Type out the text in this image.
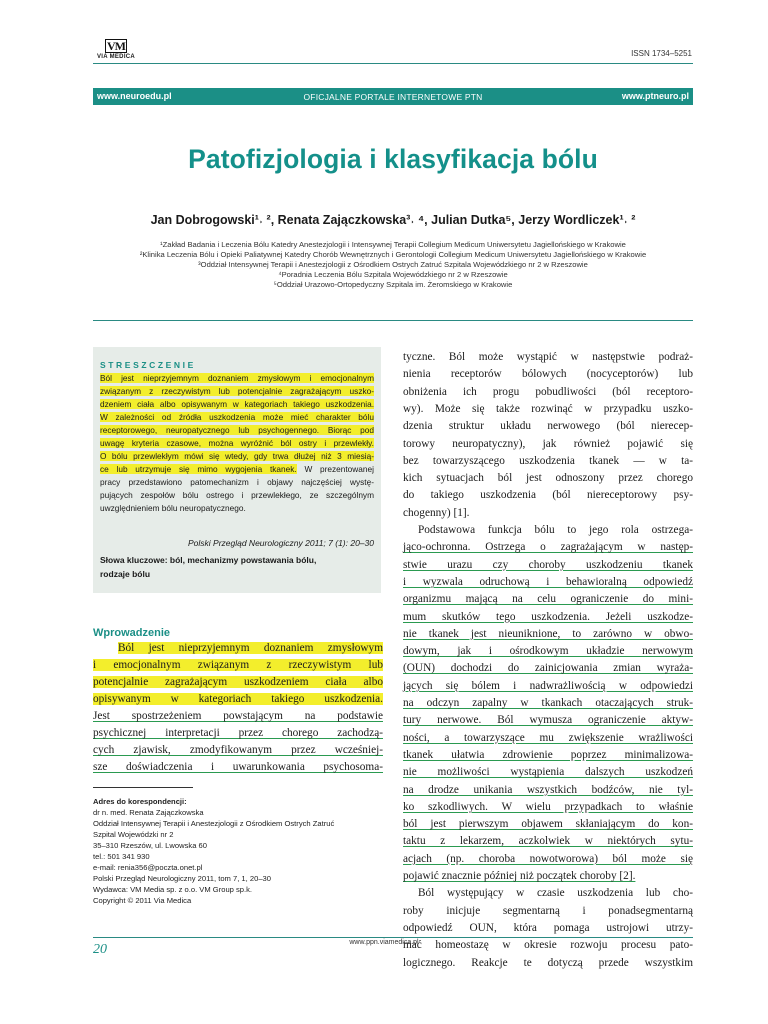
VM
VIA MEDICA	ISSN 1734–5251
www.neuroedu.pl	OFICJALNE PORTALE INTERNETOWE PTN	www.ptneuro.pl
Patofizjologia i klasyfikacja bólu
Jan Dobrogowski¹˒ ², Renata Zajączkowska³˒ ⁴, Julian Dutka⁵, Jerzy Wordliczek¹˒ ²
¹Zakład Badania i Leczenia Bólu Katedry Anestezjologii i Intensywnej Terapii Collegium Medicum Uniwersytetu Jagiellońskiego w Krakowie
²Klinika Leczenia Bólu i Opieki Paliatywnej Katedry Chorób Wewnętrznych i Gerontologii Collegium Medicum Uniwersytetu Jagiellońskiego w Krakowie
³Oddział Intensywnej Terapii i Anestezjologii z Ośrodkiem Ostrych Zatruć Szpitala Wojewódzkiego nr 2 w Rzeszowie
⁴Poradnia Leczenia Bólu Szpitala Wojewódzkiego nr 2 w Rzeszowie
⁵Oddział Urazowo-Ortopedyczny Szpitala im. Żeromskiego w Krakowie
STRESZCZENIE
Ból jest nieprzyjemnym doznaniem zmysłowym i emocjonalnym
związanym z rzeczywistym lub potencjalnie zagrażającym uszko-
dzeniem ciała albo opisywanym w kategoriach takiego uszkodzenia.
W zależności od źródła uszkodzenia może mieć charakter bólu
receptorowego, neuropatycznego lub psychogennego. Biorąc pod
uwagę kryteria czasowe, można wyróżnić ból ostry i przewlekły.
O bólu przewlekłym mówi się wtedy, gdy trwa dłużej niż 3 miesią-
ce lub utrzymuje się mimo wygojenia tkanek. W prezentowanej
pracy przedstawiono patomechanizm i objawy najczęściej wystę-
pujących zespołów bólu ostrego i przewlekłego, ze szczególnym
uwzględnieniem bólu neuropatycznego.
Polski Przegląd Neurologiczny 2011; 7 (1): 20–30
Słowa kluczowe: ból, mechanizmy powstawania bólu,
rodzaje bólu
Wprowadzenie
Ból jest nieprzyjemnym doznaniem zmysłowym
i emocjonalnym związanym z rzeczywistym lub
potencjalnie zagrażającym uszkodzeniem ciała albo
opisywanym w kategoriach takiego uszkodzenia.
Jest spostrzeżeniem powstającym na podstawie
psychicznej interpretacji przez chorego zachodzą-
cych zjawisk, zmodyfikowanym przez wcześniej-
sze doświadczenia i uwarunkowania psychosoma-
Adres do korespondencji:
dr n. med. Renata Zajączkowska
Oddział Intensywnej Terapii i Anestezjologii z Ośrodkiem Ostrych Zatruć
Szpital Wojewódzki nr 2
35–310 Rzeszów, ul. Lwowska 60
tel.: 501 341 930
e-mail: renia356@poczta.onet.pl
Polski Przegląd Neurologiczny 2011, tom 7, 1, 20–30
Wydawca: VM Media sp. z o.o. VM Group sp.k.
Copyright © 2011 Via Medica
tyczne. Ból może wystąpić w następstwie podraż-
nienia receptorów bólowych (nocyceptorów) lub
obniżenia ich progu pobudliwości (ból receptoro-
wy). Może się także rozwinąć w przypadku uszko-
dzenia struktur układu nerwowego (ból nierecep-
torowy neuropatyczny), jak również pojawić się
bez towarzyszącego uszkodzenia tkanek — w ta-
kich sytuacjach ból jest odnoszony przez chorego
do takiego uszkodzenia (ból niereceptorowy psy-
chogenny) [1].
Podstawowa funkcja bólu to jego rola ostrzega-
jąco-ochronna. Ostrzega o zagrażającym w następ-
stwie urazu czy choroby uszkodzeniu tkanek
i wyzwala odruchową i behawioralną odpowiedź
organizmu mającą na celu ograniczenie do mini-
mum skutków tego uszkodzenia. Jeżeli uszkodze-
nie tkanek jest nieuniknione, to zarówno w obwo-
dowym, jak i ośrodkowym układzie nerwowym
(OUN) dochodzi do zainicjowania zmian wyraża-
jących się bólem i nadwrażliwością w odpowiedzi
na odczyn zapalny w tkankach otaczających struk-
tury nerwowe. Ból wymusza ograniczenie aktyw-
ności, a towarzyszące mu zwiększenie wrażliwości
tkanek ułatwia zdrowienie poprzez minimalizowa-
nie możliwości wystąpienia dalszych uszkodzeń
na drodze unikania wszystkich bodźców, nie tyl-
ko szkodliwych. W wielu przypadkach to właśnie
ból jest pierwszym objawem skłaniającym do kon-
taktu z lekarzem, aczkolwiek w niektórych sytu-
acjach (np. choroba nowotworowa) ból może się
pojawić znacznie później niż początek choroby [2].
Ból występujący w czasie uszkodzenia lub cho-
roby inicjuje segmentarną i ponadsegmentarną
odpowiedź OUN, która pomaga ustrojowi utrzy-
mać homeostazę w okresie rozwoju procesu pato-
logicznego. Reakcje te dotyczą przede wszystkim
20	www.ppn.viamedica.pl
